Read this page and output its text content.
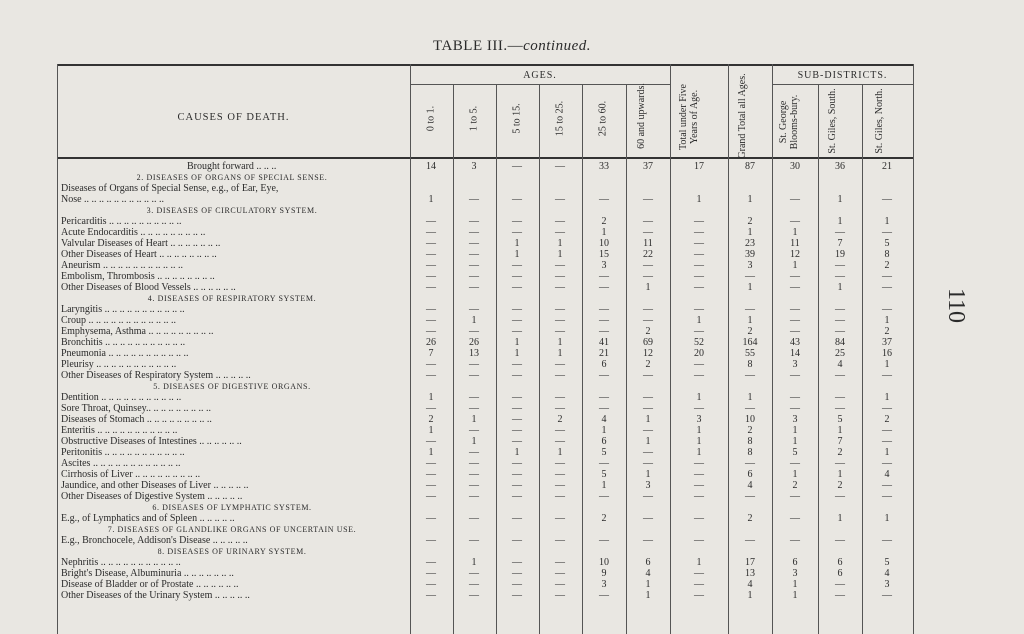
TABLE III.—continued.
110
CAUSES OF DEATH.
AGES.	SUB-DISTRICTS.
0 to 1.	1 to 5.	5 to 15.	15 to 25.	25 to 60.	60 and upwards.	Total under Five Years of Age.	Grand Total all Ages.	St. George Blooms-bury.	St. Giles, South.	St. Giles, North.
Brought forward .. .. ..	14	3	—	—	33	37	17	87	30	36	21
2. DISEASES OF ORGANS OF SPECIAL SENSE.
Diseases of Organs of Special Sense, e.g., of Ear, Eye,
Nose .. .. .. .. .. .. .. .. .. .. ..	1	—	—	—	—	—	1	1	—	1	—
3. DISEASES OF CIRCULATORY SYSTEM.
Pericarditis .. .. .. .. .. .. .. .. .. ..	—	—	—	—	2	—	—	2	—	1	1
Acute Endocarditis .. .. .. .. .. .. .. .. ..	—	—	—	—	1	—	—	1	1	—	—
Valvular Diseases of Heart .. .. .. .. .. .. ..	—	—	1	1	10	11	—	23	11	7	5
Other Diseases of Heart .. .. .. .. .. .. .. ..	—	—	1	1	15	22	—	39	12	19	8
Aneurism .. .. .. .. .. .. .. .. .. .. ..	—	—	—	—	3	—	—	3	1	—	2
Embolism, Thrombosis .. .. .. .. .. .. .. ..	—	—	—	—	—	—	—	—	—	—	—
Other Diseases of Blood Vessels .. .. .. .. .. ..	—	—	—	—	—	1	—	1	—	1	—
4. DISEASES OF RESPIRATORY SYSTEM.
Laryngitis .. .. .. .. .. .. .. .. .. .. ..	—	—	—	—	—	—	—	—	—	—	—
Croup .. .. .. .. .. .. .. .. .. .. .. ..	—	1	—	—	—	—	1	1	—	—	1
Emphysema, Asthma .. .. .. .. .. .. .. .. ..	—	—	—	—	—	2	—	2	—	—	2
Bronchitis .. .. .. .. .. .. .. .. .. .. ..	26	26	1	1	41	69	52	164	43	84	37
Pneumonia .. .. .. .. .. .. .. .. .. .. ..	7	13	1	1	21	12	20	55	14	25	16
Pleurisy .. .. .. .. .. .. .. .. .. .. ..	—	—	—	—	6	2	—	8	3	4	1
Other Diseases of Respiratory System .. .. .. .. ..	—	—	—	—	—	—	—	—	—	—	—
5. DISEASES OF DIGESTIVE ORGANS.
Dentition .. .. .. .. .. .. .. .. .. .. ..	1	—	—	—	—	—	1	1	—	—	1
Sore Throat, Quinsey.. .. .. .. .. .. .. .. ..	—	—	—	—	—	—	—	—	—	—	—
Diseases of Stomach .. .. .. .. .. .. .. .. ..	2	1	—	2	4	1	3	10	3	5	2
Enteritis .. .. .. .. .. .. .. .. .. .. ..	1	—	—	—	1	—	1	2	1	1	—
Obstructive Diseases of Intestines .. .. .. .. .. ..	—	1	—	—	6	1	1	8	1	7	—
Peritonitis .. .. .. .. .. .. .. .. .. .. ..	1	—	1	1	5	—	1	8	5	2	1
Ascites .. .. .. .. .. .. .. .. .. .. .. ..	—	—	—	—	—	—	—	—	—	—	—
Cirrhosis of Liver .. .. .. .. .. .. .. .. ..	—	—	—	—	5	1	—	6	1	1	4
Jaundice, and other Diseases of Liver .. .. .. .. ..	—	—	—	—	1	3	—	4	2	2	—
Other Diseases of Digestive System .. .. .. .. ..	—	—	—	—	—	—	—	—	—	—	—
6. DISEASES OF LYMPHATIC SYSTEM.
E.g., of Lymphatics and of Spleen .. .. .. .. ..	—	—	—	—	2	—	—	2	—	1	1
7. DISEASES OF GLANDLIKE ORGANS OF UNCERTAIN USE.
E.g., Bronchocele, Addison's Disease .. .. .. .. ..	—	—	—	—	—	—	—	—	—	—	—
8. DISEASES OF URINARY SYSTEM.
Nephritis .. .. .. .. .. .. .. .. .. .. ..	—	1	—	—	10	6	1	17	6	6	5
Bright's Disease, Albuminuria .. .. .. .. .. .. ..	—	—	—	—	9	4	—	13	3	6	4
Disease of Bladder or of Prostate .. .. .. .. .. ..	—	—	—	—	3	1	—	4	1	—	3
Other Diseases of the Urinary System .. .. .. .. ..	—	—	—	—	—	1	—	1	1	—	—
